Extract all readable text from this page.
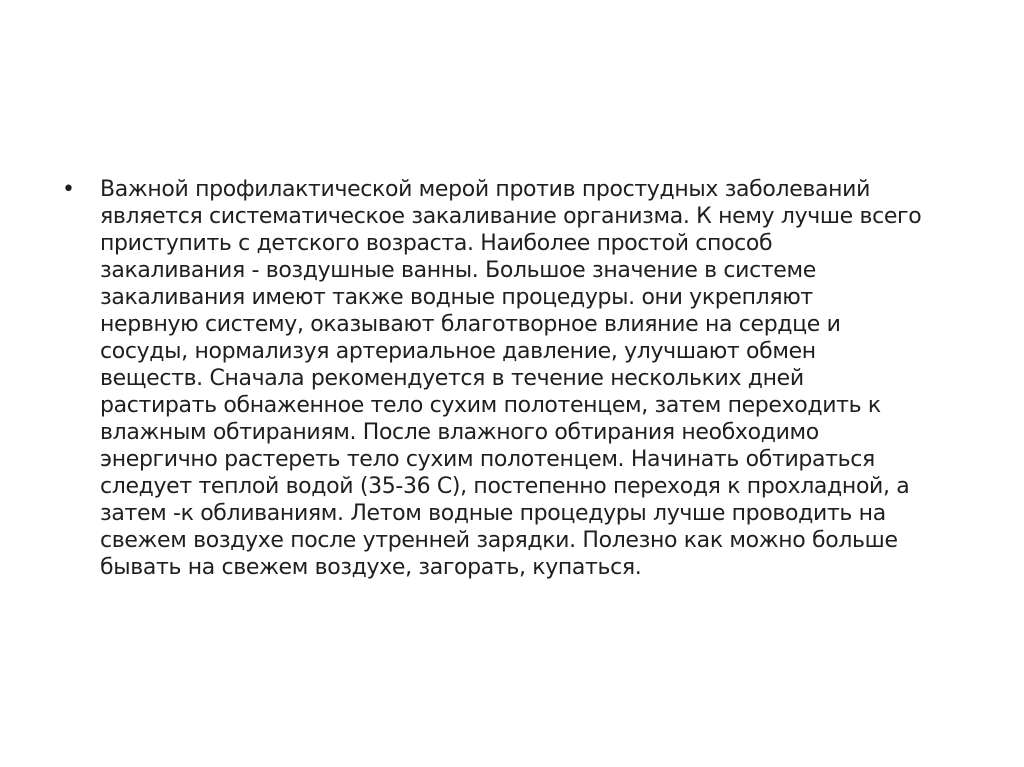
• Важной профилактической мерой против простудных заболеваний
является систематическое закаливание организма. К нему лучше всего
приступить с детского возраста. Наиболее простой способ
закаливания - воздушные ванны. Большое значение в системе
закаливания имеют также водные процедуры. они укрепляют
нервную систему, оказывают благотворное влияние на сердце и
сосуды, нормализуя артериальное давление, улучшают обмен
веществ. Сначала рекомендуется в течение нескольких дней
растирать обнаженное тело сухим полотенцем, затем переходить к
влажным обтираниям. После влажного обтирания необходимо
энергично растереть тело сухим полотенцем. Начинать обтираться
следует теплой водой (35-36 С), постепенно переходя к прохладной, а
затем -к обливаниям. Летом водные процедуры лучше проводить на
свежем воздухе после утренней зарядки. Полезно как можно больше
бывать на свежем воздухе, загорать, купаться.
